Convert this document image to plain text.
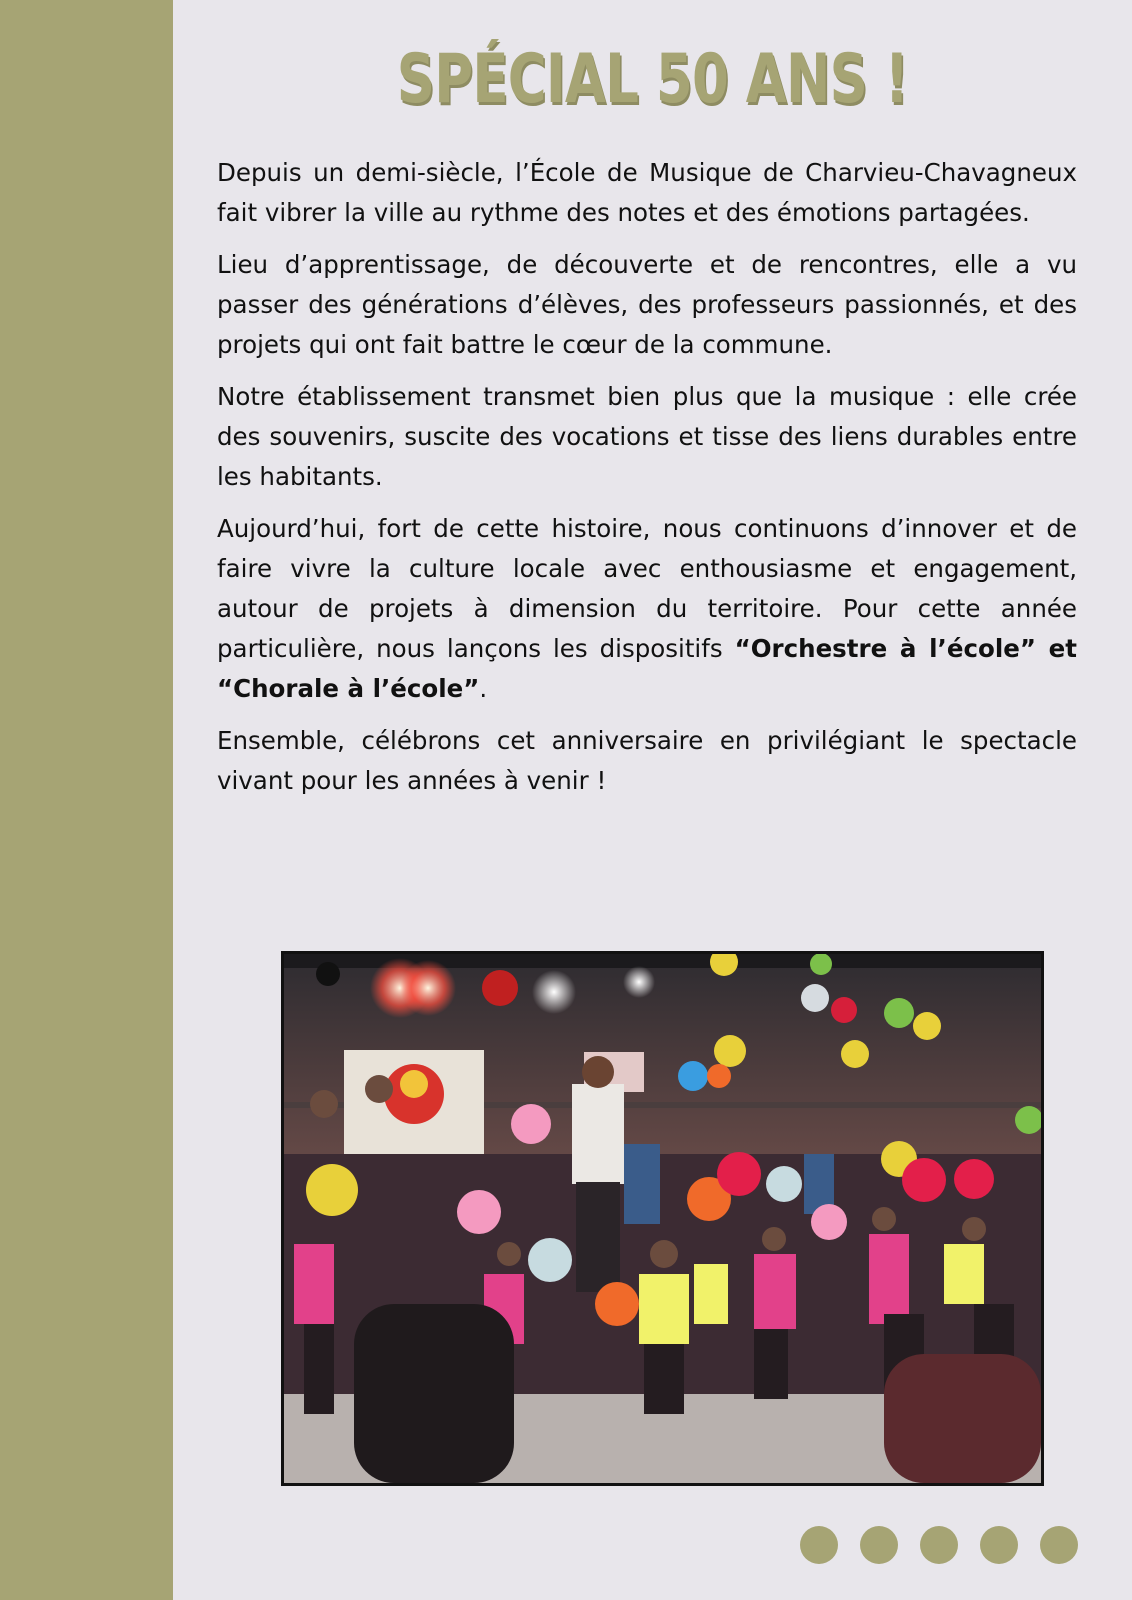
SPÉCIAL 50 ANS !

Depuis un demi-siècle, l’École de Musique de Charvieu-Chavagneux fait vibrer la ville au rythme des notes et des émotions partagées.

Lieu d’apprentissage, de découverte et de rencontres, elle a vu passer des générations d’élèves, des professeurs passionnés, et des projets qui ont fait battre le cœur de la commune.

Notre établissement transmet bien plus que la musique : elle crée des souvenirs, suscite des vocations et tisse des liens durables entre les habitants.

Aujourd’hui, fort de cette histoire, nous continuons d’innover et de faire vivre la culture locale avec enthousiasme et engagement, autour de projets à dimension du territoire. Pour cette année particulière, nous lançons les dispositifs “Orchestre à l’école” et “Chorale à l’école”.

Ensemble, célébrons cet anniversaire en privilégiant le spectacle vivant pour les années à venir !
